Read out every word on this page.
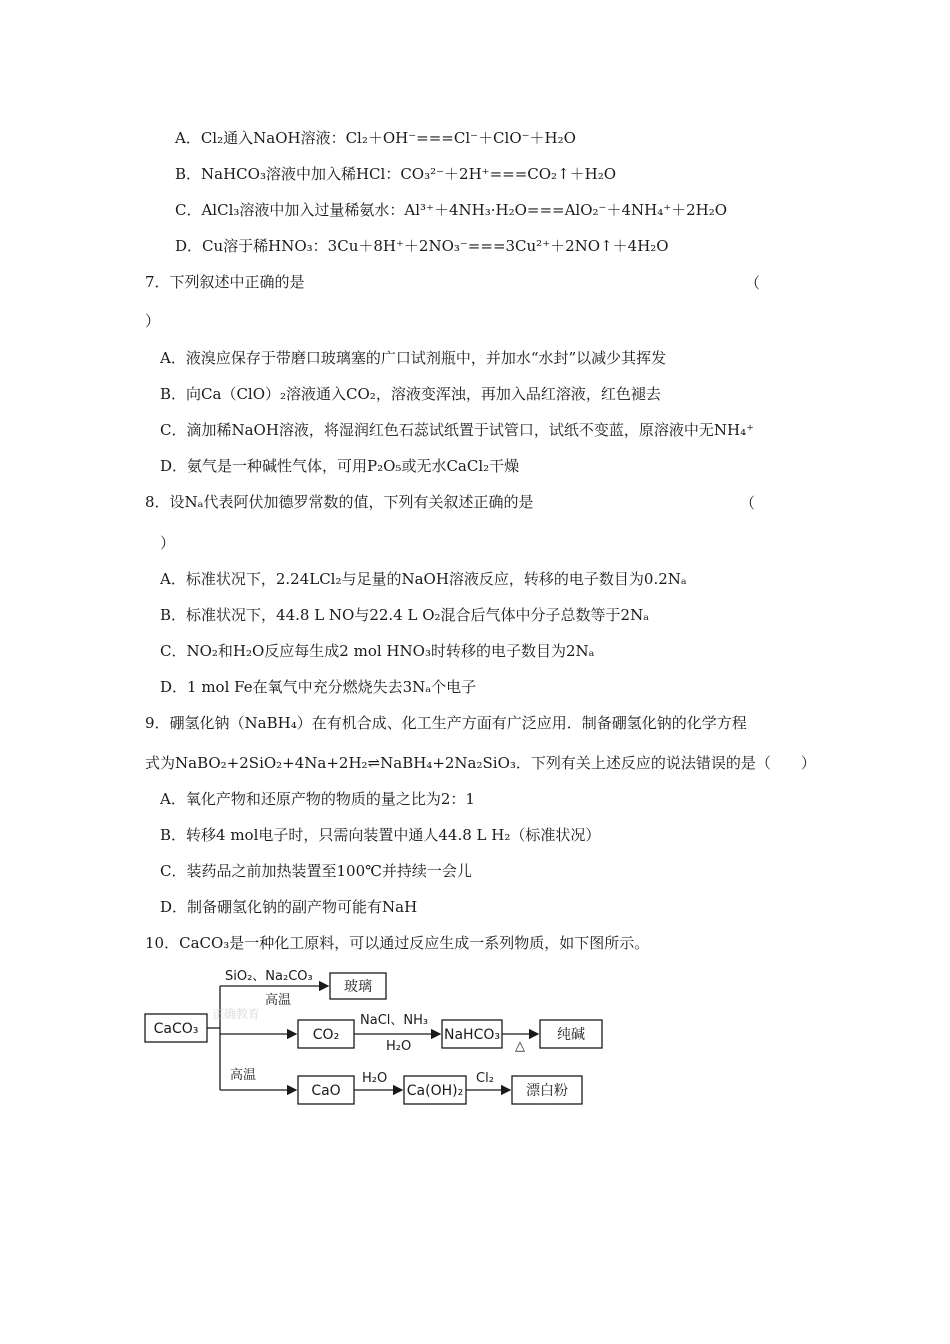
A．Cl₂通入NaOH溶液：Cl₂＋OH⁻===Cl⁻＋ClO⁻＋H₂O
B．NaHCO₃溶液中加入稀HCl：CO₃²⁻＋2H⁺===CO₂↑＋H₂O
C．AlCl₃溶液中加入过量稀氨水：Al³⁺＋4NH₃·H₂O===AlO₂⁻＋4NH₄⁺＋2H₂O
D．Cu溶于稀HNO₃：3Cu＋8H⁺＋2NO₃⁻===3Cu²⁺＋2NO↑＋4H₂O
7．下列叙述中正确的是	（
）
A．液溴应保存于带磨口玻璃塞的广口试剂瓶中，并加水“水封”以减少其挥发
B．向Ca（ClO）₂溶液通入CO₂，溶液变浑浊，再加入品红溶液，红色褪去
C．滴加稀NaOH溶液，将湿润红色石蕊试纸置于试管口，试纸不变蓝，原溶液中无NH₄⁺
D．氨气是一种碱性气体，可用P₂O₅或无水CaCl₂干燥
8．设Nₐ代表阿伏加德罗常数的值，下列有关叙述正确的是	（
）
A．标准状况下，2.24LCl₂与足量的NaOH溶液反应，转移的电子数目为0.2Nₐ
B．标准状况下，44.8 L NO与22.4 L O₂混合后气体中分子总数等于2Nₐ
C．NO₂和H₂O反应每生成2 mol HNO₃时转移的电子数目为2Nₐ
D．1 mol Fe在氧气中充分燃烧失去3Nₐ个电子
9．硼氢化钠（NaBH₄）在有机合成、化工生产方面有广泛应用．制备硼氢化钠的化学方程
式为NaBO₂+2SiO₂+4Na+2H₂⇌NaBH₄+2Na₂SiO₃．下列有关上述反应的说法错误的是（　　）
A．氧化产物和还原产物的物质的量之比为2：1
B．转移4 mol电子时，只需向装置中通人44.8 L H₂（标准状况）
C．装药品之前加热装置至100℃并持续一会儿
D．制备硼氢化钠的副产物可能有NaH
10．CaCO₃是一种化工原料，可以通过反应生成一系列物质，如下图所示。
CaCO₃
SiO₂、Na₂CO₃
高温
玻璃
正确教育
CO₂
NaCl、NH₃
H₂O
NaHCO₃
△
纯碱
高温
CaO
H₂O
Ca(OH)₂
Cl₂
漂白粉
